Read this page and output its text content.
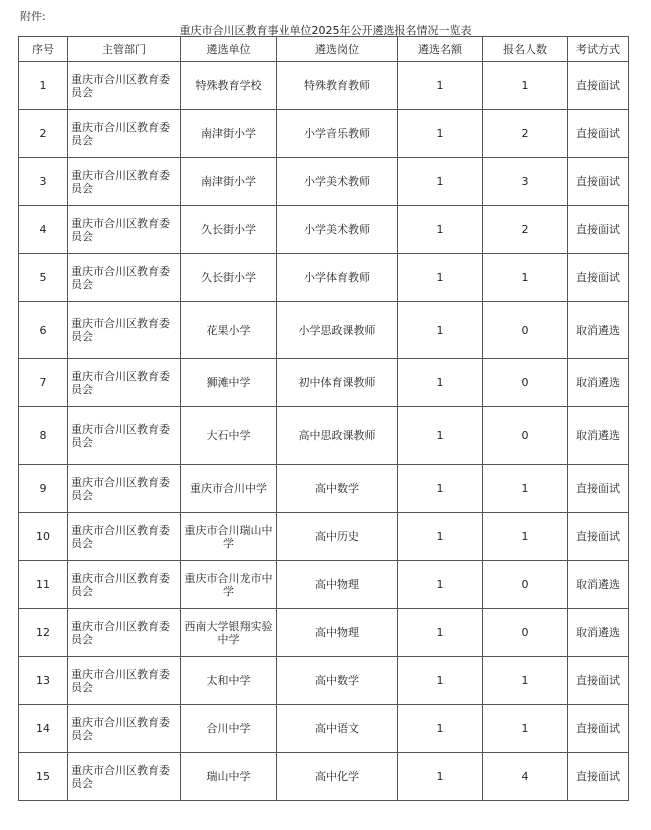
附件:
重庆市合川区教育事业单位2025年公开遴选报名情况一览表
序号	主管部门	遴选单位	遴选岗位	遴选名额	报名人数	考试方式
1	重庆市合川区教育委员会	特殊教育学校	特殊教育教师	1	1	直接面试
2	重庆市合川区教育委员会	南津街小学	小学音乐教师	1	2	直接面试
3	重庆市合川区教育委员会	南津街小学	小学美术教师	1	3	直接面试
4	重庆市合川区教育委员会	久长街小学	小学美术教师	1	2	直接面试
5	重庆市合川区教育委员会	久长街小学	小学体育教师	1	1	直接面试
6	重庆市合川区教育委员会	花果小学	小学思政课教师	1	0	取消遴选
7	重庆市合川区教育委员会	狮滩中学	初中体育课教师	1	0	取消遴选
8	重庆市合川区教育委员会	大石中学	高中思政课教师	1	0	取消遴选
9	重庆市合川区教育委员会	重庆市合川中学	高中数学	1	1	直接面试
10	重庆市合川区教育委员会	重庆市合川瑞山中学	高中历史	1	1	直接面试
11	重庆市合川区教育委员会	重庆市合川龙市中学	高中物理	1	0	取消遴选
12	重庆市合川区教育委员会	西南大学银翔实验中学	高中物理	1	0	取消遴选
13	重庆市合川区教育委员会	太和中学	高中数学	1	1	直接面试
14	重庆市合川区教育委员会	合川中学	高中语文	1	1	直接面试
15	重庆市合川区教育委员会	瑞山中学	高中化学	1	4	直接面试
